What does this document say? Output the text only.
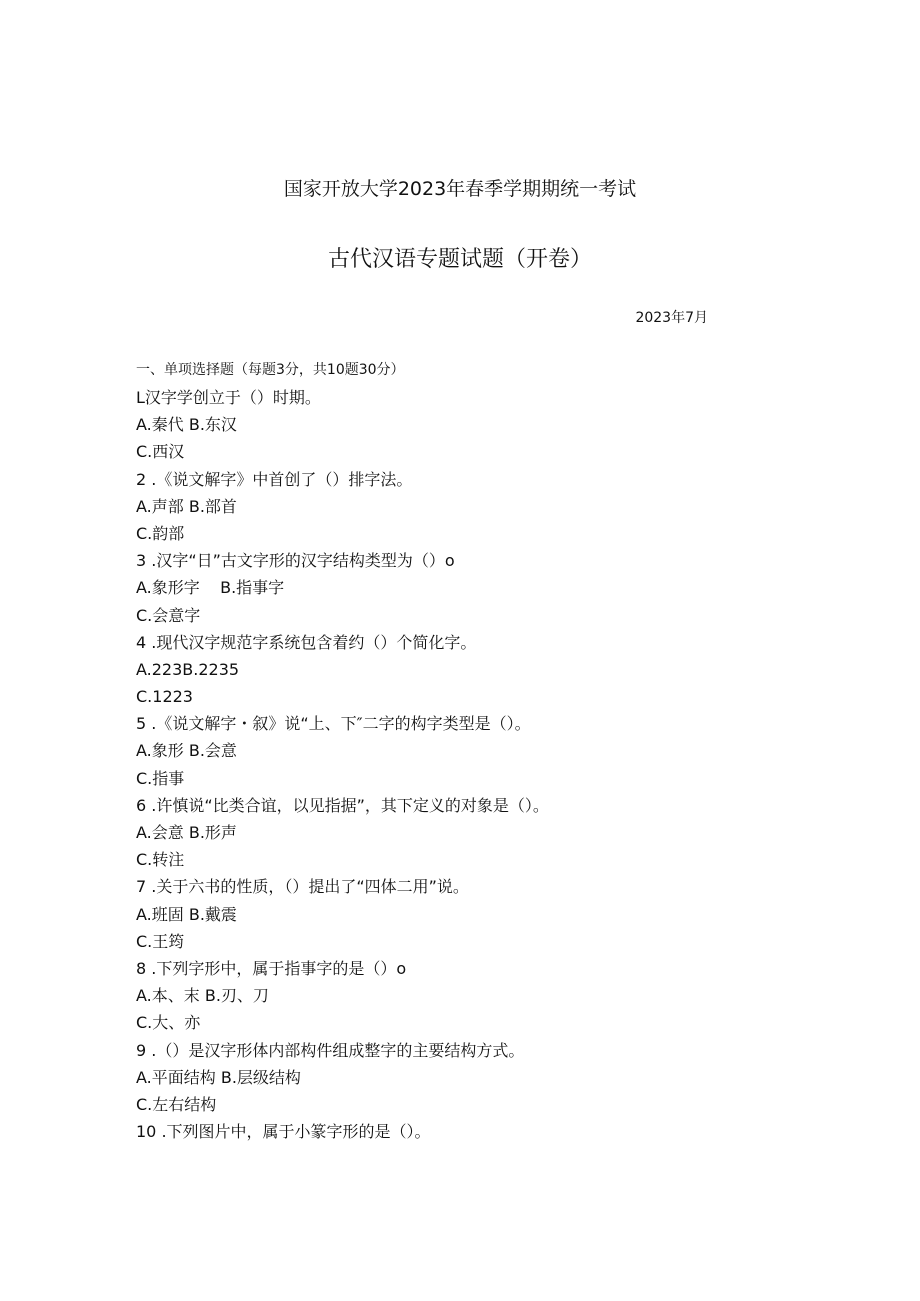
国家开放大学2023年春季学期期统一考试
古代汉语专题试题（开卷）
2023年7月
一、单项选择题（每题3分，共10题30分）
L汉字学创立于（）时期。
A.秦代 B.东汉
C.西汉
2 .《说文解字》中首创了（）排字法。
A.声部 B.部首
C.韵部
3 .汉字“日”古文字形的汉字结构类型为（）o
A.象形字    B.指事字
C.会意字
4 .现代汉字规范字系统包含着约（）个简化字。
A.223B.2235
C.1223
5 .《说文解字・叙》说“上、下″二字的构字类型是（）。
A.象形 B.会意
C.指事
6 .许慎说“比类合谊，以见指据”，其下定义的对象是（）。
A.会意 B.形声
C.转注
7 .关于六书的性质，（）提出了“四体二用”说。
A.班固 B.戴震
C.王筠
8 .下列字形中，属于指事字的是（）o
A.本、末 B.刃、刀
C.大、亦
9 .（）是汉字形体内部构件组成整字的主要结构方式。
A.平面结构 B.层级结构
C.左右结构
10 .下列图片中，属于小篆字形的是（）。
